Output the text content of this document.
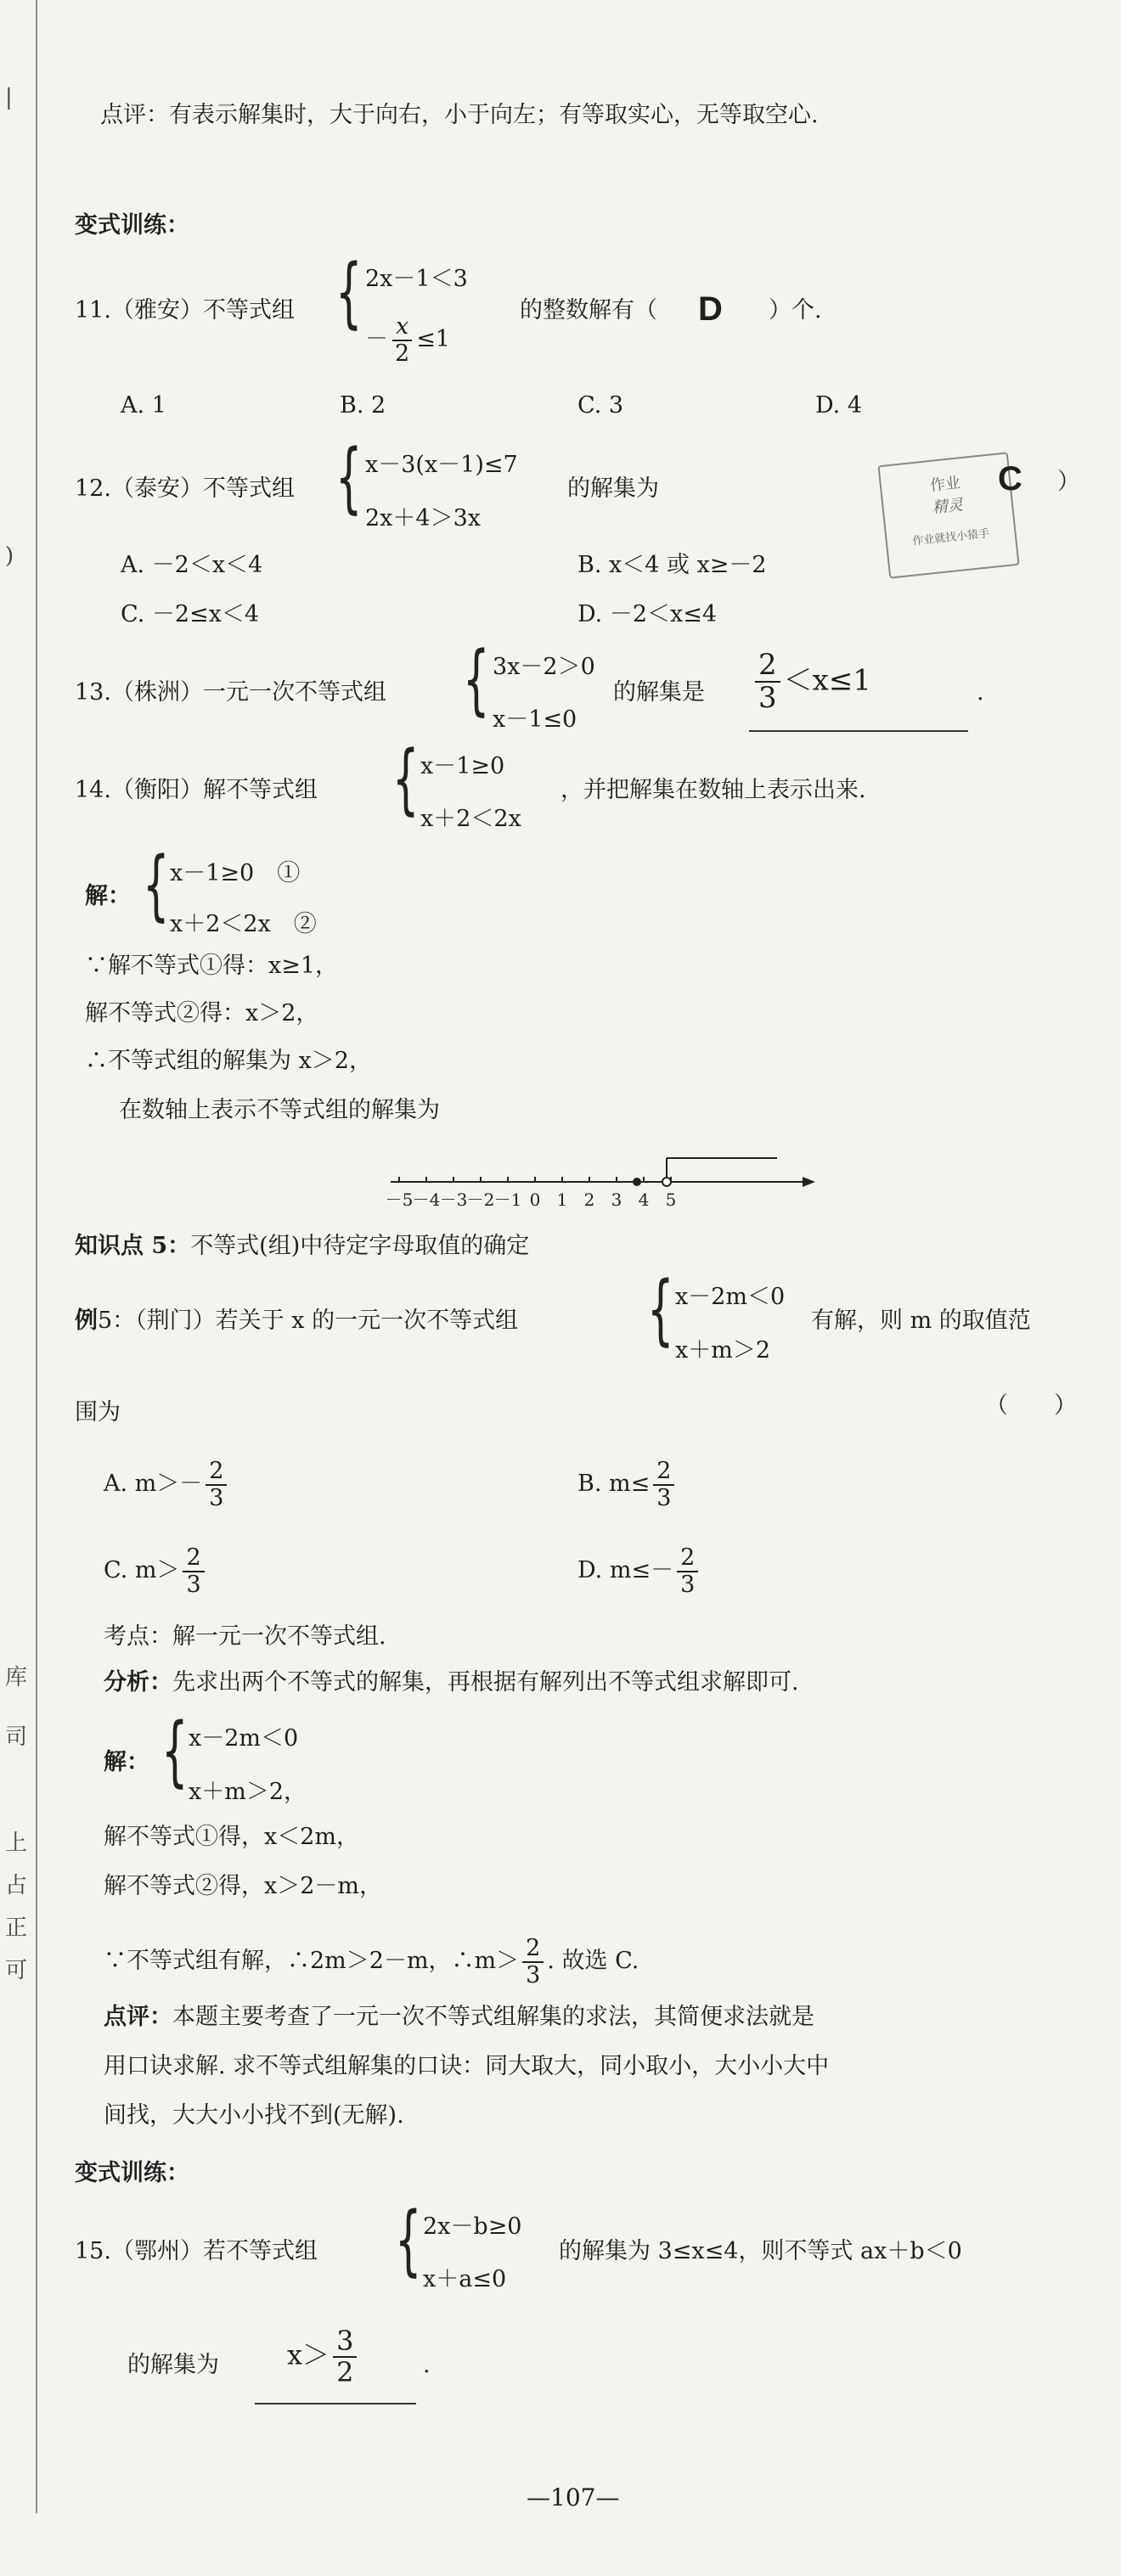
|
)
库
司
上
占
正
可
点评：有表示解集时，大于向右，小于向左；有等取实心，无等取空心.
变式训练：
11.（雅安）不等式组 { 2x－1＜3
－ $\frac{x}{2} \le 1$
的整数解有（ D ）个.
A. 1	B. 2	C. 3	D. 4
12.（泰安）不等式组 { x－3(x－1)≤7
2x＋4＞3x
的解集为	作业
精灵
作业就找小猿手
C ）
A. －2＜x＜4	B. x＜4 或 x≥－2
C. －2≤x＜4	D. －2＜x≤4
13.（株洲）一元一次不等式组 { 3x－2＞0
x－1≤0
的解集是 $\frac{2}{3} <x\le 1$	.
14.（衡阳）解不等式组 { x－1≥0
x＋2＜2x
，并把解集在数轴上表示出来.
解： { x－1≥0　①
x＋2＜2x　②
∵解不等式①得：x≥1，
解不等式②得：x＞2，
∴不等式组的解集为 x＞2，
在数轴上表示不等式组的解集为
－5 －4 －3 －2 －1 0 1 2 3 4 5
知识点 5：不等式(组)中待定字母取值的确定
例5：（荆门）若关于 x 的一元一次不等式组 { x－2m＜0
x＋m＞2
有解，则 m 的取值范
围为	（　　）
A. $m>- \frac{2}{3}$	B. $m\le \frac{2}{3}$
C. $m> \frac{2}{3}$	D. $m\le- \frac{2}{3}$
考点：解一元一次不等式组.
分析：先求出两个不等式的解集，再根据有解列出不等式组求解即可.
解： { x－2m＜0
x＋m＞2，
解不等式①得，x＜2m，
解不等式②得，x＞2－m，
∵不等式组有解，∴2m＞2－m，∴m＞ $\frac{2}{3}$ . 故选 C.
点评：本题主要考查了一元一次不等式组解集的求法，其简便求法就是
用口诀求解. 求不等式组解集的口诀：同大取大，同小取小，大小小大中
间找，大大小小找不到(无解).
变式训练：
15.（鄂州）若不等式组 { 2x－b≥0
x＋a≤0
的解集为 3≤x≤4，则不等式 ax＋b＜0
的解集为	$x> \frac{3}{2}$	.
—107—
